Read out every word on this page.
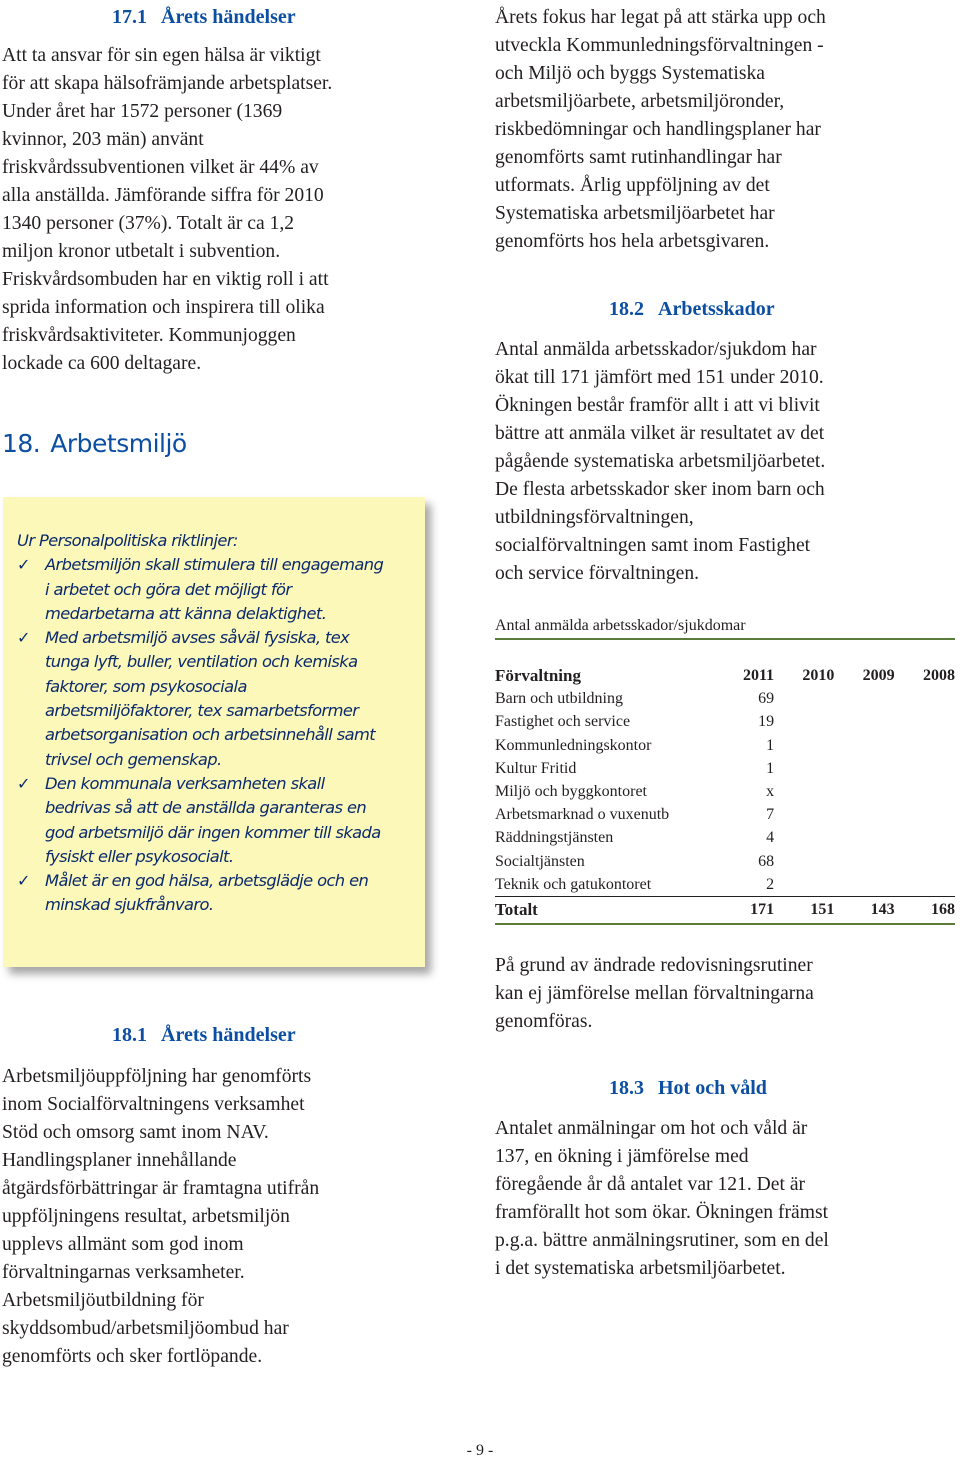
17.1 Årets händelser
Att ta ansvar för sin egen hälsa är viktigt
för att skapa hälsofrämjande arbetsplatser.
Under året har 1572 personer (1369
kvinnor, 203 män) använt
friskvårdssubventionen vilket är 44% av
alla anställda. Jämförande siffra för 2010
1340 personer (37%). Totalt är ca 1,2
miljon kronor utbetalt i subvention.
Friskvårdsombuden har en viktig roll i att
sprida information och inspirera till olika
friskvårdsaktiviteter. Kommunjoggen
lockade ca 600 deltagare.
18. Arbetsmiljö
Ur Personalpolitiska riktlinjer:
✓ Arbetsmiljön skall stimulera till engagemang
i arbetet och göra det möjligt för
medarbetarna att känna delaktighet.
✓ Med arbetsmiljö avses såväl fysiska, tex
tunga lyft, buller, ventilation och kemiska
faktorer, som psykosociala
arbetsmiljöfaktorer, tex samarbetsformer
arbetsorganisation och arbetsinnehåll samt
trivsel och gemenskap.
✓ Den kommunala verksamheten skall
bedrivas så att de anställda garanteras en
god arbetsmiljö där ingen kommer till skada
fysiskt eller psykosocialt.
✓ Målet är en god hälsa, arbetsglädje och en
minskad sjukfrånvaro.
18.1 Årets händelser
Arbetsmiljöuppföljning har genomförts
inom Socialförvaltningens verksamhet
Stöd och omsorg samt inom NAV.
Handlingsplaner innehållande
åtgärdsförbättringar är framtagna utifrån
uppföljningens resultat, arbetsmiljön
upplevs allmänt som god inom
förvaltningarnas verksamheter.
Arbetsmiljöutbildning för
skyddsombud/arbetsmiljöombud har
genomförts och sker fortlöpande.
Årets fokus har legat på att stärka upp och
utveckla Kommunledningsförvaltningen -
och Miljö och byggs Systematiska
arbetsmiljöarbete, arbetsmiljöronder,
riskbedömningar och handlingsplaner har
genomförts samt rutinhandlingar har
utformats. Årlig uppföljning av det
Systematiska arbetsmiljöarbetet har
genomförts hos hela arbetsgivaren.
18.2 Arbetsskador
Antal anmälda arbetsskador/sjukdom har
ökat till 171 jämfört med 151 under 2010.
Ökningen består framför allt i att vi blivit
bättre att anmäla vilket är resultatet av det
pågående systematiska arbetsmiljöarbetet.
De flesta arbetsskador sker inom barn och
utbildningsförvaltningen,
socialförvaltningen samt inom Fastighet
och service förvaltningen.
Antal anmälda arbetsskador/sjukdomar
Förvaltning	2011	2010	2009	2008
Barn och utbildning	69			
Fastighet och service	19			
Kommunledningskontor	1			
Kultur Fritid	1			
Miljö och byggkontoret	x			
Arbetsmarknad o vuxenutb	7			
Räddningstjänsten	4			
Socialtjänsten	68			
Teknik och gatukontoret	2			
Totalt	171	151	143	168
På grund av ändrade redovisningsrutiner
kan ej jämförelse mellan förvaltningarna
genomföras.
18.3 Hot och våld
Antalet anmälningar om hot och våld är
137, en ökning i jämförelse med
föregående år då antalet var 121. Det är
framförallt hot som ökar. Ökningen främst
p.g.a. bättre anmälningsrutiner, som en del
i det systematiska arbetsmiljöarbetet.
- 9 -
